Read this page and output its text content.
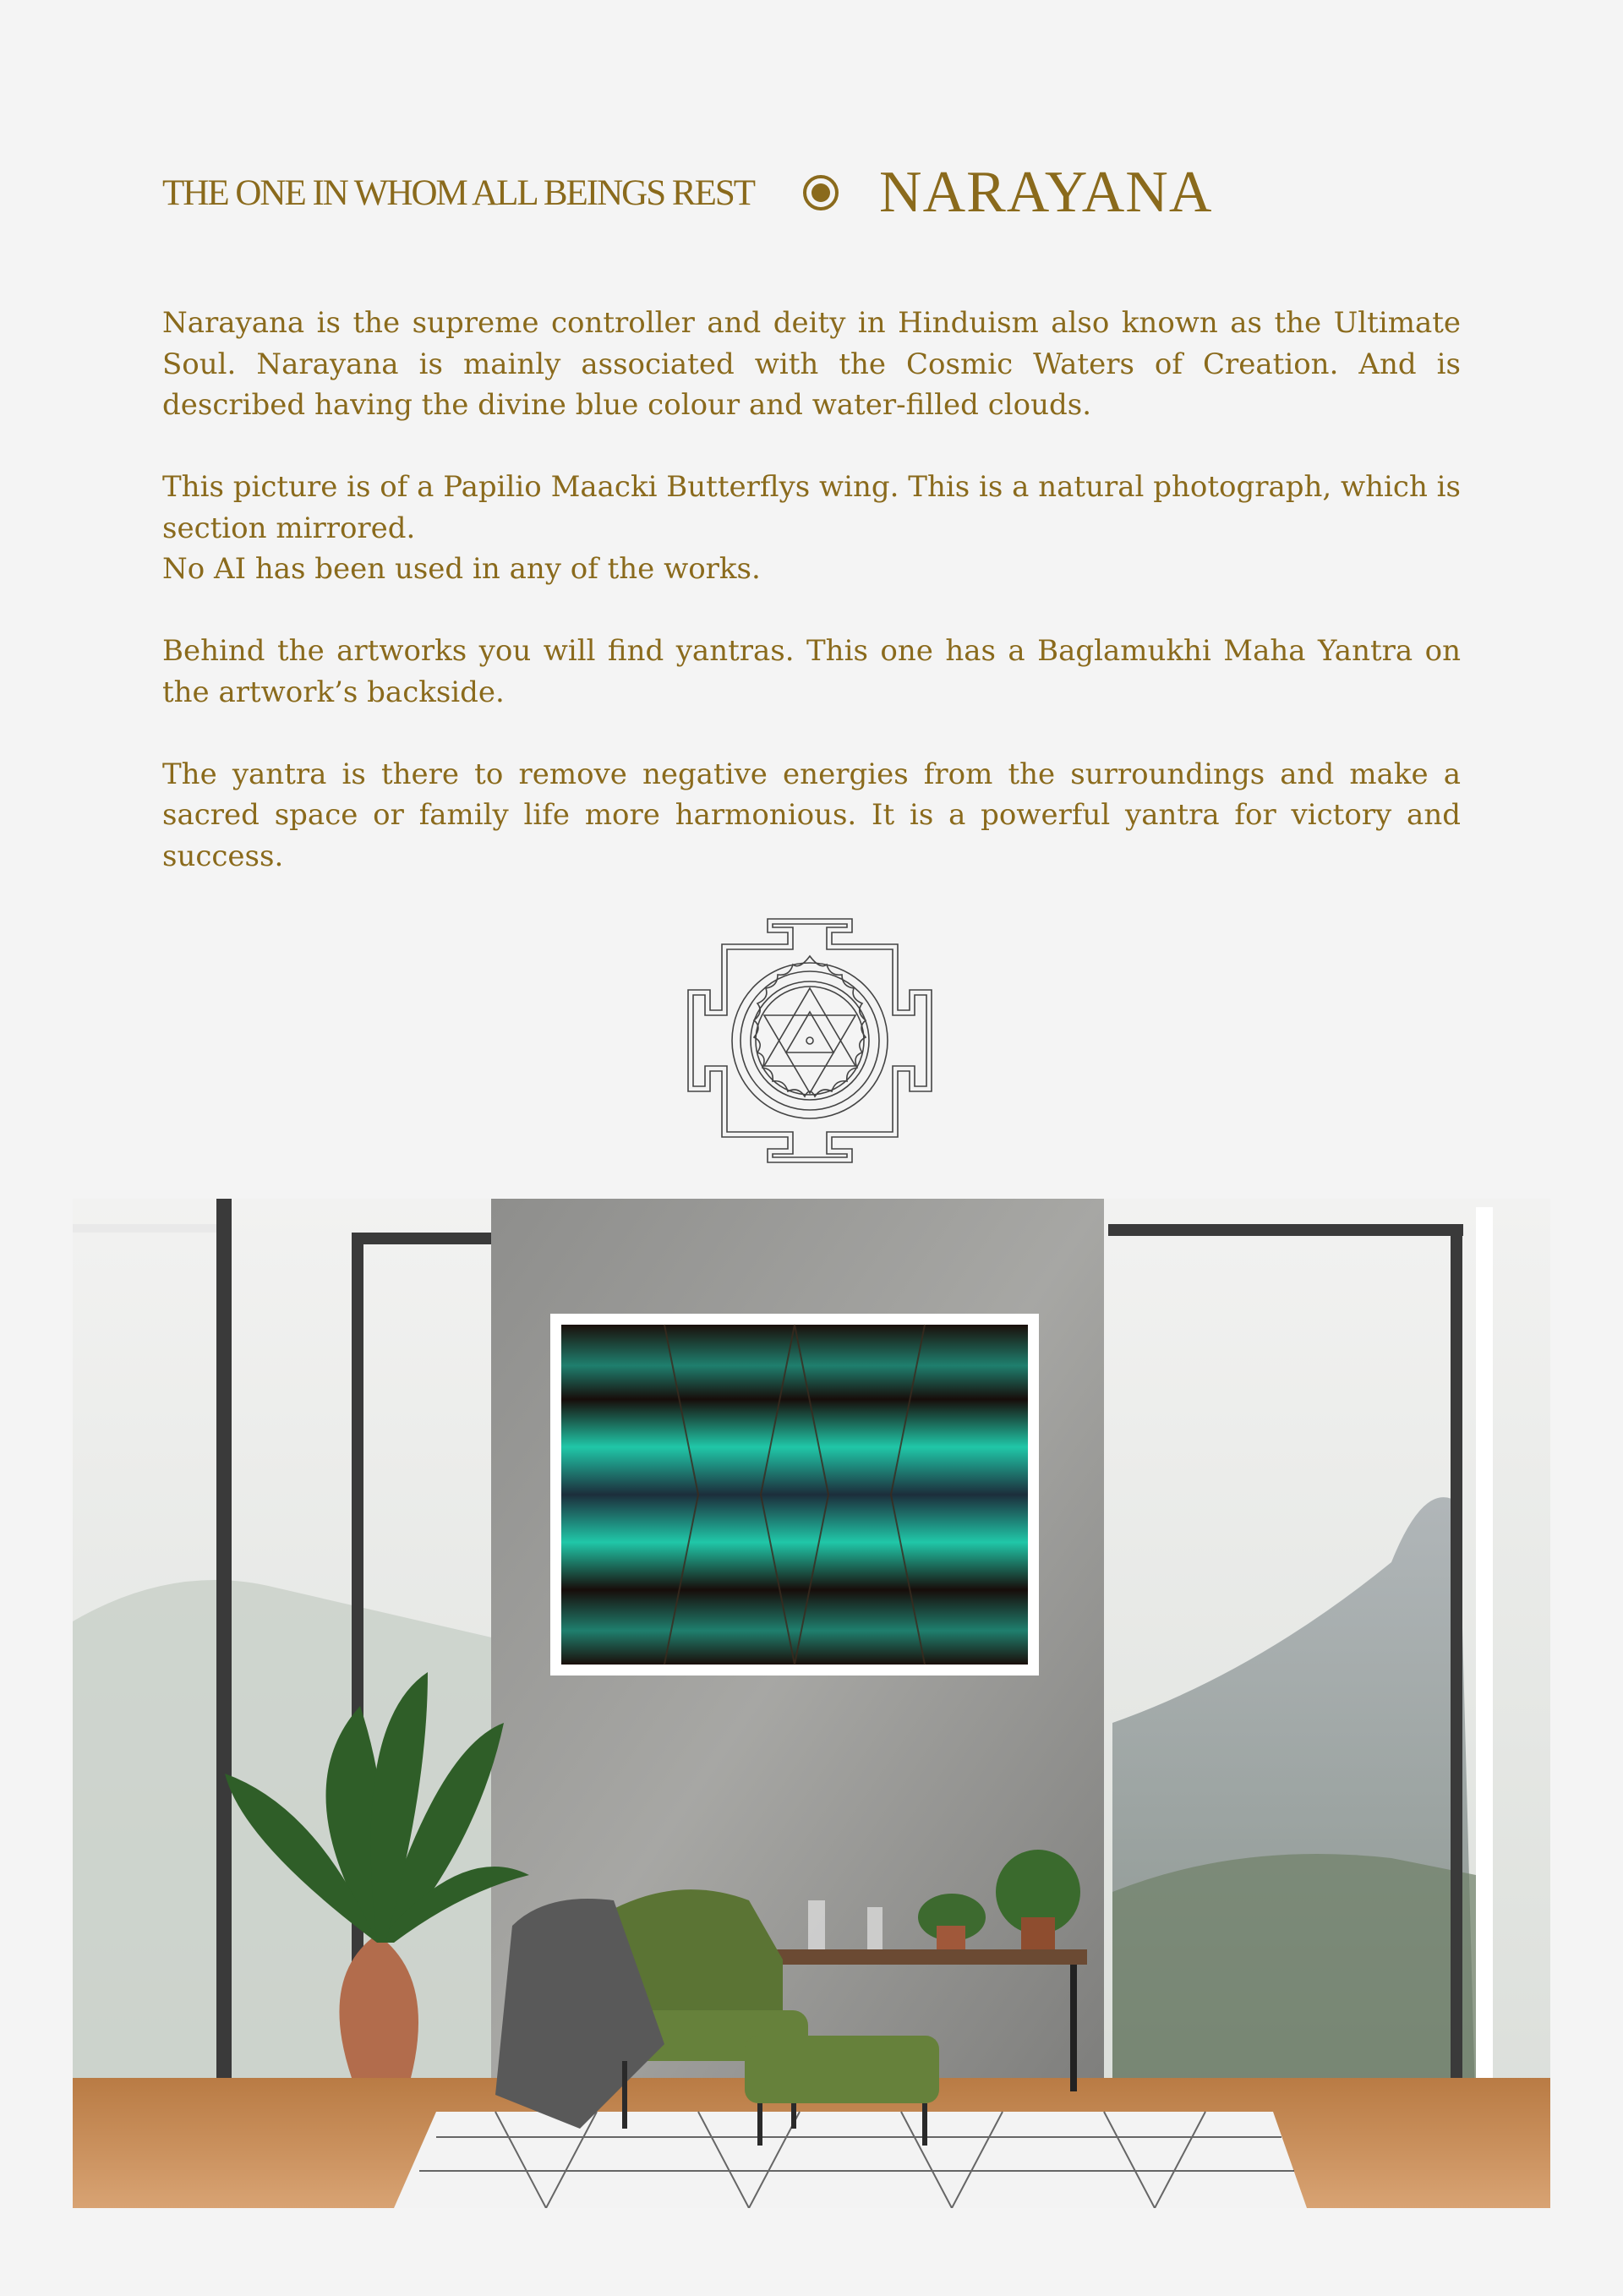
THE ONE IN WHOM ALL BEINGS REST NARAYANA

Narayana is the supreme controller and deity in Hinduism also known as the Ultimate Soul. Narayana is mainly associated with the Cosmic Waters of Creation. And is described having the divine blue colour and water-filled clouds.

This picture is of a Papilio Maacki Butterflys wing. This is a natural photograph, which is section mirrored.

No AI has been used in any of the works.

Behind the artworks you will find yantras. This one has a Baglamukhi Maha Yantra on the artwork’s backside.

The yantra is there to remove negative energies from the surroundings and make a sacred space or family life more harmonious. It is a powerful yantra for victory and success.
